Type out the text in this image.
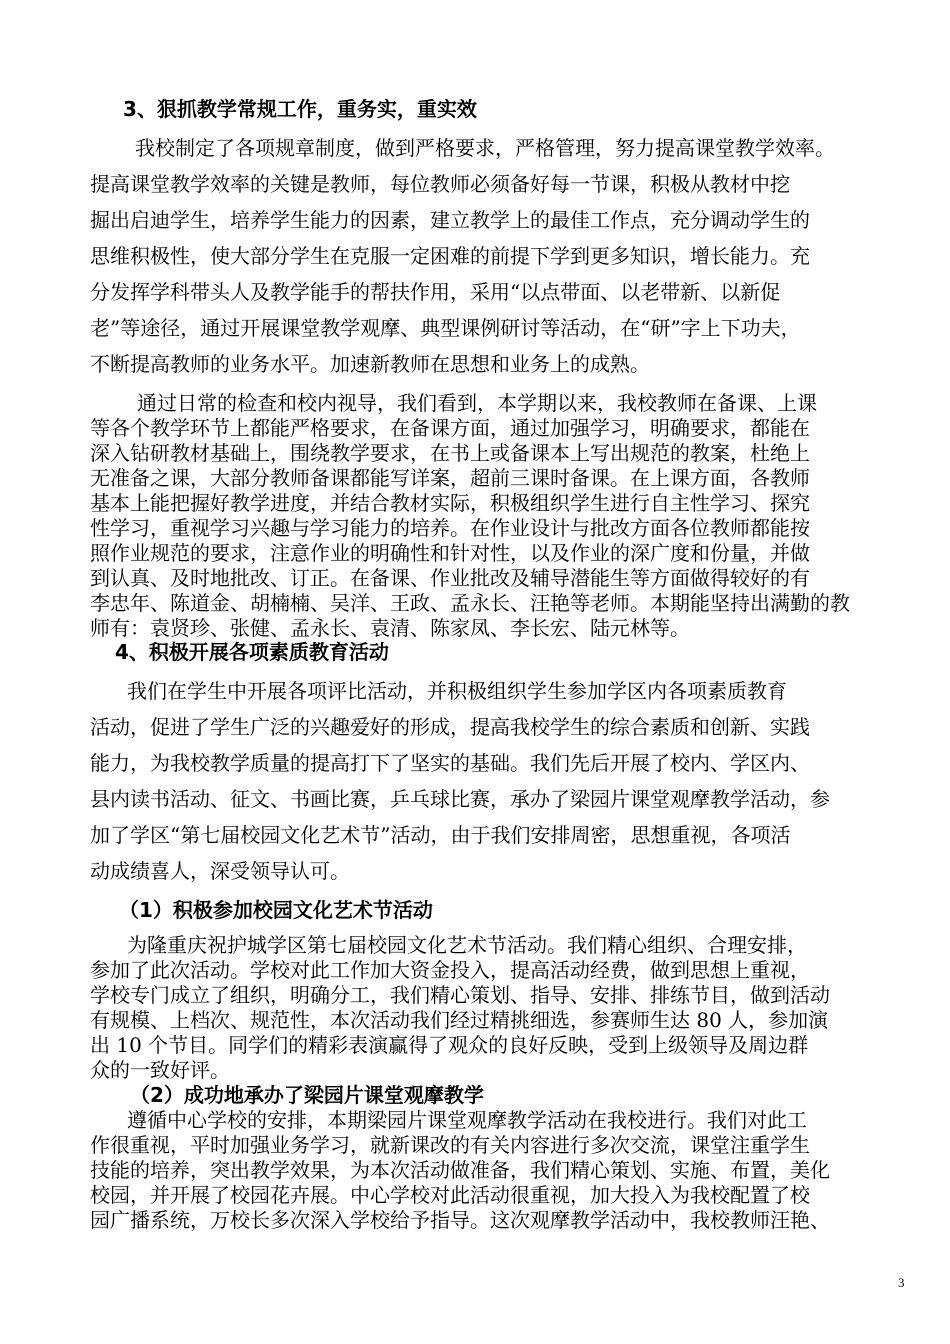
3、狠抓教学常规工作，重务实，重实效
我校制定了各项规章制度，做到严格要求，严格管理，努力提高课堂教学效率。
提高课堂教学效率的关键是教师，每位教师必须备好每一节课，积极从教材中挖
掘出启迪学生，培养学生能力的因素，建立教学上的最佳工作点，充分调动学生的
思维积极性，使大部分学生在克服一定困难的前提下学到更多知识，增长能力。充
分发挥学科带头人及教学能手的帮扶作用，采用“以点带面、以老带新、以新促
老”等途径，通过开展课堂教学观摩、典型课例研讨等活动，在“研”字上下功夫，
不断提高教师的业务水平。加速新教师在思想和业务上的成熟。
通过日常的检查和校内视导，我们看到，本学期以来，我校教师在备课、上课
等各个教学环节上都能严格要求，在备课方面，通过加强学习，明确要求，都能在
深入钻研教材基础上，围绕教学要求，在书上或备课本上写出规范的教案，杜绝上
无准备之课，大部分教师备课都能写详案，超前三课时备课。在上课方面，各教师
基本上能把握好教学进度，并结合教材实际，积极组织学生进行自主性学习、探究
性学习，重视学习兴趣与学习能力的培养。在作业设计与批改方面各位教师都能按
照作业规范的要求，注意作业的明确性和针对性，以及作业的深广度和份量，并做
到认真、及时地批改、订正。在备课、作业批改及辅导潜能生等方面做得较好的有
李忠年、陈道金、胡楠楠、吴洋、王政、孟永长、汪艳等老师。本期能坚持出满勤的教
师有：袁贤珍、张健、孟永长、袁清、陈家凤、李长宏、陆元林等。
4、积极开展各项素质教育活动
我们在学生中开展各项评比活动，并积极组织学生参加学区内各项素质教育
活动，促进了学生广泛的兴趣爱好的形成，提高我校学生的综合素质和创新、实践
能力，为我校教学质量的提高打下了坚实的基础。我们先后开展了校内、学区内、
县内读书活动、征文、书画比赛，乒乓球比赛，承办了梁园片课堂观摩教学活动，参
加了学区“第七届校园文化艺术节”活动，由于我们安排周密，思想重视，各项活
动成绩喜人，深受领导认可。
（1）积极参加校园文化艺术节活动
为隆重庆祝护城学区第七届校园文化艺术节活动。我们精心组织、合理安排，
参加了此次活动。学校对此工作加大资金投入，提高活动经费，做到思想上重视，
学校专门成立了组织，明确分工，我们精心策划、指导、安排、排练节目，做到活动
有规模、上档次、规范性，本次活动我们经过精挑细选，参赛师生达 80 人，参加演
出 10 个节目。同学们的精彩表演赢得了观众的良好反映，受到上级领导及周边群
众的一致好评。
（2）成功地承办了梁园片课堂观摩教学
遵循中心学校的安排，本期梁园片课堂观摩教学活动在我校进行。我们对此工
作很重视，平时加强业务学习，就新课改的有关内容进行多次交流，课堂注重学生
技能的培养，突出教学效果，为本次活动做准备，我们精心策划、实施、布置，美化
校园，并开展了校园花卉展。中心学校对此活动很重视，加大投入为我校配置了校
园广播系统，万校长多次深入学校给予指导。这次观摩教学活动中，我校教师汪艳、
3
